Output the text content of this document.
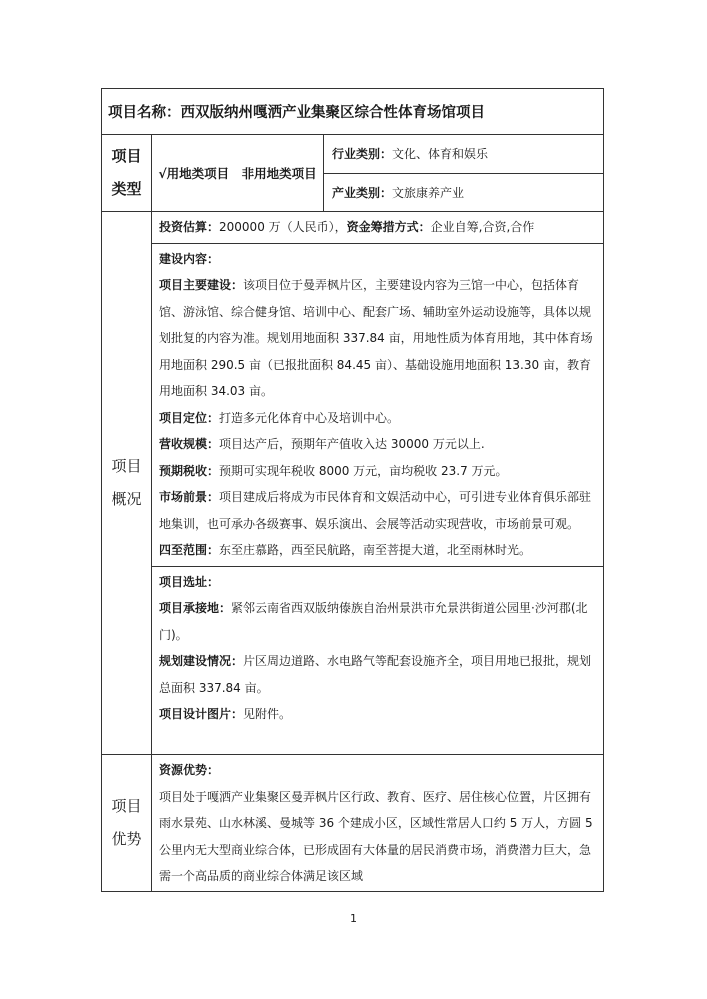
项目名称： 西双版纳州嘎洒产业集聚区综合性体育场馆项目
项目
类型
√用地类项目　非用地类项目
行业类别： 文化、体育和娱乐
产业类别： 文旅康养产业
项目
概况
投资估算：200000 万（人民币），资金筹措方式：企业自筹,合资,合作
建设内容：
项目主要建设：该项目位于曼弄枫片区，主要建设内容为三馆一中心，包括体育馆、游泳馆、综合健身馆、培训中心、配套广场、辅助室外运动设施等，具体以规划批复的内容为准。规划用地面积 337.84 亩，用地性质为体育用地，其中体育场用地面积 290.5 亩（已报批面积 84.45 亩）、基础设施用地面积 13.30 亩，教育用地面积 34.03 亩。
项目定位：打造多元化体育中心及培训中心。
营收规模：项目达产后，预期年产值收入达 30000 万元以上.
预期税收：预期可实现年税收 8000 万元，亩均税收 23.7 万元。
市场前景：项目建成后将成为市民体育和文娱活动中心，可引进专业体育俱乐部驻地集训，也可承办各级赛事、娱乐演出、会展等活动实现营收，市场前景可观。
四至范围：东至庄慕路，西至民航路，南至菩提大道，北至雨林时光。
项目选址：
项目承接地：紧邻云南省西双版纳傣族自治州景洪市允景洪街道公园里·沙河郡(北门)。
规划建设情况：片区周边道路、水电路气等配套设施齐全，项目用地已报批，规划总面积 337.84 亩。
项目设计图片：见附件。
项目
优势
资源优势：
项目处于嘎洒产业集聚区曼弄枫片区行政、教育、医疗、居住核心位置，片区拥有雨水景苑、山水林溪、曼城等 36 个建成小区，区域性常居人口约 5 万人，方圆 5 公里内无大型商业综合体，已形成固有大体量的居民消费市场，消费潜力巨大，急需一个高品质的商业综合体满足该区域
1
